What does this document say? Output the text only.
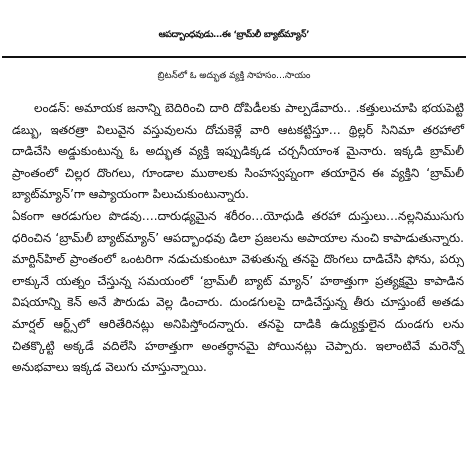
ఆపద్బాంధవుడు…ఈ ‘బ్రామ్‌లీ బ్యాట్‌మ్యాన్’
బ్రిటన్‌లో ఓ అద్భుత వ్యక్తి సాహసం…సాయం

లండన్: అమాయక జనాన్ని బెదిరించి దారి దోపిడీలకు పాల్పడేవారు.. .కత్తులుచూపి భయపెట్టి డబ్బు, ఇతరత్రా విలువైన వస్తువులను దోచుకెళ్లే వారి ఆటకట్టిస్తూ… థ్రిల్లర్ సినిమా తరహాలో దాడిచేసి అడ్డుకుంటున్న ఓ అద్భుత వ్యక్తి ఇప్పుడిక్కడ చర్చనీయాంశ మైనారు. ఇక్కడి బ్రామ్‌లీ ప్రాంతంలో చిల్లర దొంగలు, గూండాల ముఠాలకు సింహస్వప్నంగా తయారైన ఈ వ్యక్తిని ‘బ్రామ్‌లీ బ్యాట్‌మ్యాన్’గా ఆప్యాయంగా పిలుచుకుంటున్నారు.

ఏకంగా ఆరడుగుల పొడవు….దారుఢ్యమైన శరీరం…యోధుడి తరహా దుస్తులు…నల్లనిముసుగు ధరించిన ‘బ్రామ్‌లీ బ్యాట్‌మ్యాన్’ ఆపద్బాంధవు డిలా ప్రజలను అపాయాల నుంచి కాపాడుతున్నారు. మార్టిన్‌హిల్ ప్రాంతంలో ఒంటరిగా నడుచుకుంటూ వెళుతున్న తనపై దొంగలు దాడిచేసి ఫోను, పర్సు లాక్కునే యత్నం చేస్తున్న సమయంలో ‘బ్రామ్‌లీ బ్యాట్ మ్యాన్’ హఠాత్తుగా ప్రత్యక్షమై కాపాడిన విషయాన్ని కెన్ అనే పౌరుడు వెల్ల డించారు. దుండగులపై దాడిచేస్తున్న తీరు చూస్తుంటే అతడు మార్షల్ ఆర్ట్స్‌లో ఆరితేరినట్లు అనిపిస్తోందన్నారు. తనపై దాడికి ఉద్యుక్తులైన దుండగు లను చితక్కొట్టి అక్కడే వదిలేసి హఠాత్తుగా అంతర్ధానమై పోయినట్లు చెప్పారు. ఇలాంటివే మరెన్నో అనుభవాలు ఇక్కడ వెలుగు చూస్తున్నాయి.
